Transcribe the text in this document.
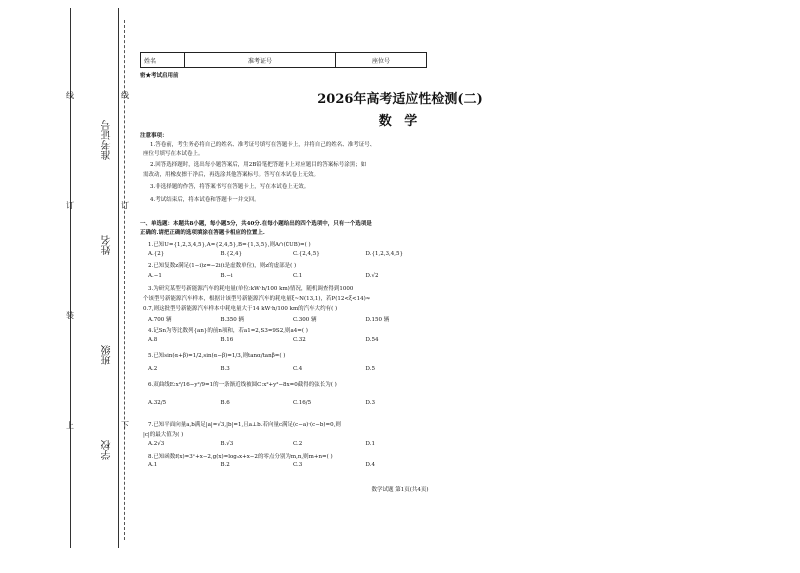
准考证号
姓名
班级
学校
线
订
装
上
线
订
下
姓名	准考证号	座位号
密★考试启用前
2026年高考适应性检测(二)
数 学
注意事项：
1.答卷前，考生务必将自己的姓名、准考证号填写在答题卡上，并将自己的姓名、准考证号、
座位号填写在本试卷上。
2.回答选择题时，选出每小题答案后，用2B铅笔把答题卡上对应题目的答案标号涂黑；如
需改动，用橡皮擦干净后，再选涂其他答案标号。答写在本试卷上无效。
3.非选择题的作答，将答案书写在答题卡上，写在本试卷上无效。
4.考试结束后，将本试卷和答题卡一并交回。
一、单选题：本题共8小题，每小题5分，共40分.在每小题给出的四个选项中，只有一个选项是
正确的.请把正确的选项填涂在答题卡相应的位置上.
1.已知U={1,2,3,4,5},A={2,4,5},B={1,3,5},则A∩(∁UB)=( )
A.{2}	B.{2,4}	C.{2,4,5}	D.{1,2,3,4,5}
2.已知复数z满足(1−i)z=−2i(i是虚数单位)，则z的虚部是( )
A.−1	B.−i	C.1	D.√2
3.为研究某型号新能源汽车的耗电量(单位:kW·h/100 km)情况，随机调查得到1000
个该型号新能源汽车样本，根据计该型号新能源汽车的耗电量ξ~N(13,1)，若P(12<ξ<14)≈
0.7,则这批型号新能源汽车样本中耗电量大于14 kW·h/100 km的汽车大约有( )
A.700 辆	B.350 辆	C.300 辆	D.150 辆
4.记Sn为等比数列{an}的前n项和，若a1=2,S3=9S2,则a4=( )
A.8	B.16	C.32	D.54
5.已知sin(α+β)=1/2,sin(α−β)=1/3,则tanα/tanβ=( )
A.2	B.3	C.4	D.5
6.双曲线E:x²/16−y²/9=1的一条渐近线被圆C:x²+y²−8x=0截得的弦长为( )
A.32/5	B.6	C.16/5	D.3
7.已知平面向量a,b满足|a|=√3,|b|=1,且a⊥b.若向量c满足(c−a)·(c−b)=0,则
|c|的最大值为( )
A.2√3	B.√3	C.2	D.1
8.已知函数f(x)=3ˣ+x−2,g(x)=log₃x+x−2的零点分别为m,n,则m+n=( )
A.1	B.2	C.3	D.4
数学试题 第1页(共4页)
